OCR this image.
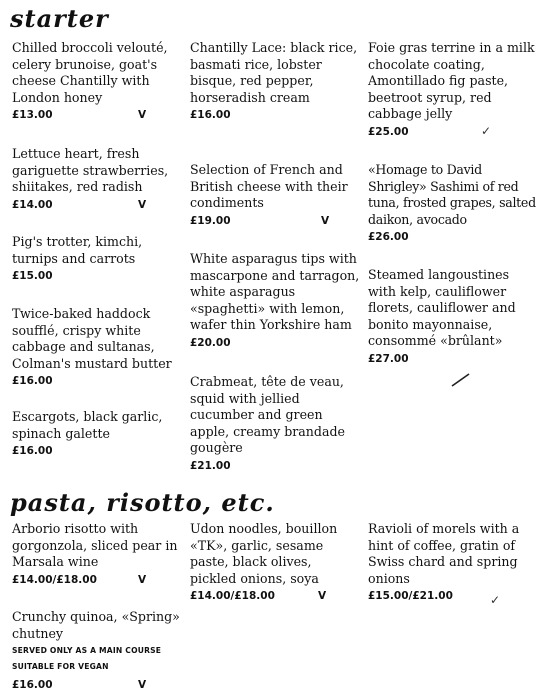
starter

Chilled broccoli velouté, celery brunoise, goat's cheese Chantilly with London honey

£13.00	V

Lettuce heart, fresh gariguette strawberries, shiitakes, red radish

£14.00	V

Pig's trotter, kimchi, turnips and carrots

£15.00

Twice-baked haddock soufflé, crispy white cabbage and sultanas, Colman's mustard butter

£16.00

Escargots, black garlic, spinach galette

£16.00

Chantilly Lace: black rice, basmati rice, lobster bisque, red pepper, horseradish cream

£16.00

Selection of French and British cheese with their condiments

£19.00	V

White asparagus tips with mascarpone and tarragon, white asparagus «spaghetti» with lemon, wafer thin Yorkshire ham

£20.00

Crabmeat, tête de veau, squid with jellied cucumber and green apple, creamy brandade gougère

£21.00

Foie gras terrine in a milk chocolate coating, Amontillado fig paste, beetroot syrup, red cabbage jelly

£25.00

«Homage to David Shrigley» Sashimi of red tuna, frosted grapes, salted daikon, avocado

£26.00

Steamed langoustines with kelp, cauliflower florets, cauliflower and bonito mayonnaise, consommé «brûlant»

£27.00
pasta, risotto, etc.

Arborio risotto with gorgonzola, sliced pear in Marsala wine

£14.00/£18.00	V

Crunchy quinoa, «Spring» chutney

SERVED ONLY AS A MAIN COURSE
SUITABLE FOR VEGAN
£16.00	V

Udon noodles, bouillon «TK», garlic, sesame paste, black olives, pickled onions, soya

£14.00/£18.00	V

Ravioli of morels with a hint of coffee, gratin of Swiss chard and spring onions

£15.00/£21.00
✓
✓
